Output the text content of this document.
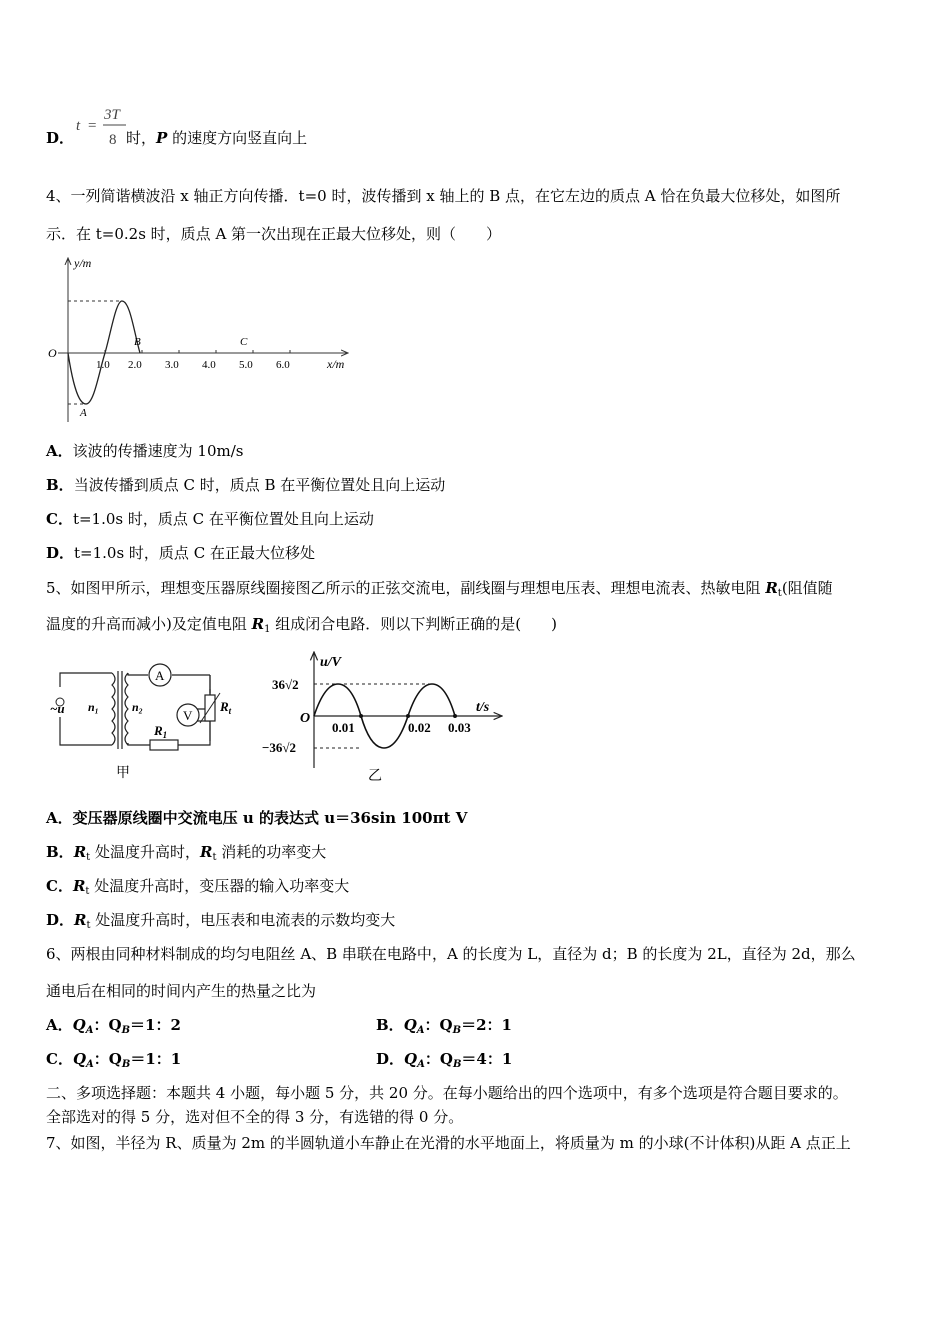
D．
t =
3T
8 时，P 的速度方向竖直向上
4、一列简谐横波沿 x 轴正方向传播．t=0 时，波传播到 x 轴上的 B 点，在它左边的质点 A 恰在负最大位移处，如图所
示．在 t=0.2s 时，质点 A 第一次出现在正最大位移处，则（　　）
y/m
x/m
O
1.0 2.0 3.0 4.0 5.0 6.0
A
B	C
A．该波的传播速度为 10m/s
B．当波传播到质点 C 时，质点 B 在平衡位置处且向上运动
C．t=1.0s 时，质点 C 在平衡位置处且向上运动
D．t=1.0s 时，质点 C 在正最大位移处
5、如图甲所示，理想变压器原线圈接图乙所示的正弦交流电，副线圈与理想电压表、理想电流表、热敏电阻 $R_t$(阻值随
温度的升高而减小)及定值电阻 $R_1$ 组成闭合电路．则以下判断正确的是(　　)
~u n₁	n₂
A
V
$R_t$
$R_1$
甲
u/V
t/s
O
36√2
−36√2
0.01	0.02 0.03
乙
A．变压器原线圈中交流电压 u 的表达式 u＝36sin 100πt V
B．$R_t$ 处温度升高时，$R_t$ 消耗的功率变大
C．$R_t$ 处温度升高时，变压器的输入功率变大
D．$R_t$ 处温度升高时，电压表和电流表的示数均变大
6、两根由同种材料制成的均匀电阻丝 A、B 串联在电路中，A 的长度为 L，直径为 d；B 的长度为 2L，直径为 2d，那么
通电后在相同的时间内产生的热量之比为
A．$Q_A$：$Q_B=1$：2	B．$Q_A$：$Q_B=2$：1
C．$Q_A$：$Q_B=1$：1	D．$Q_A$：$Q_B=4$：1
二、多项选择题：本题共 4 小题，每小题 5 分，共 20 分。在每小题给出的四个选项中，有多个选项是符合题目要求的。
全部选对的得 5 分，选对但不全的得 3 分，有选错的得 0 分。
7、如图，半径为 R、质量为 2m 的半圆轨道小车静止在光滑的水平地面上，将质量为 m 的小球(不计体积)从距 A 点正上
